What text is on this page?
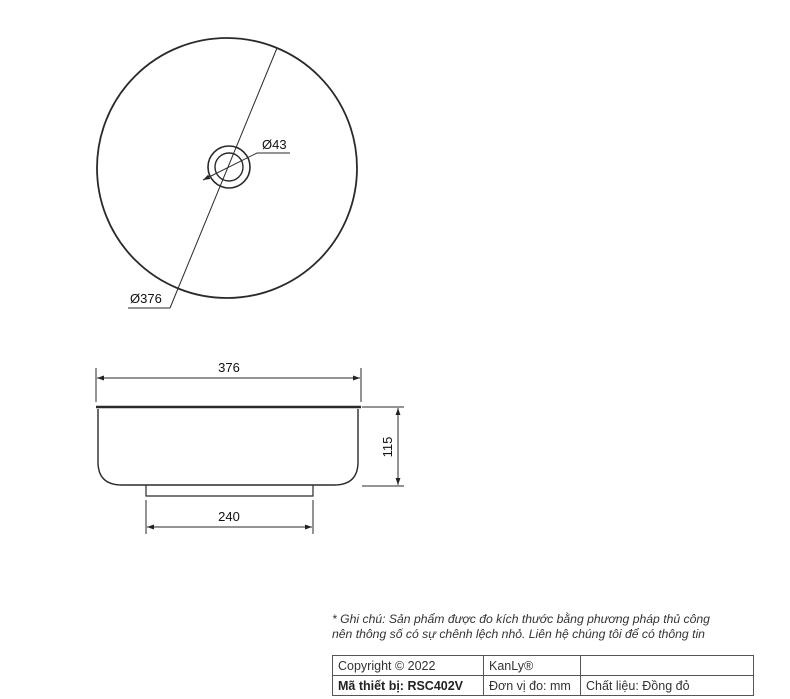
Ø376
Ø43
376
115
240
* Ghi chú: Sản phẩm được đo kích thước bằng phương pháp thủ công
nên thông số có sự chênh lệch nhỏ. Liên hệ chúng tôi để có thông tin
Copyright © 2022	KanLy®	
Mã thiết bị: RSC402V	Đơn vị đo: mm	Chất liệu: Đồng đỏ
